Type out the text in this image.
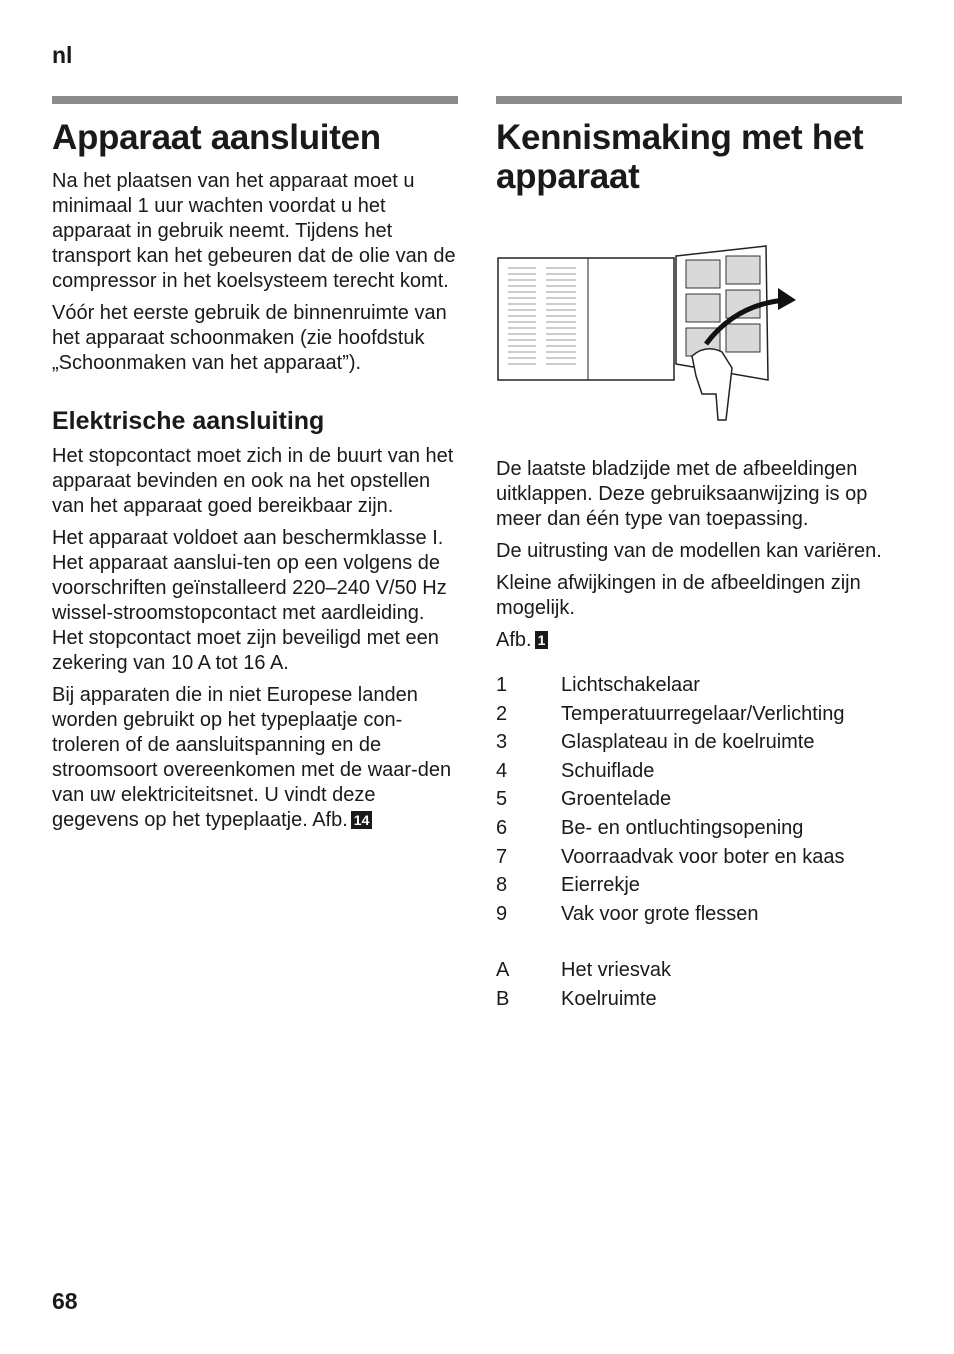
nl
Apparaat aansluiten

Na het plaatsen van het apparaat moet u minimaal 1 uur wachten voordat u het apparaat in gebruik neemt. Tijdens het transport kan het gebeuren dat de olie van de compressor in het koelsysteem terecht komt.

Vóór het eerste gebruik de binnenruimte van het apparaat schoonmaken (zie hoofdstuk „Schoonmaken van het apparaat”).

Elektrische aansluiting

Het stopcontact moet zich in de buurt van het apparaat bevinden en ook na het opstellen van het apparaat goed bereikbaar zijn.

Het apparaat voldoet aan beschermklasse I. Het apparaat aanslui-ten op een volgens de voorschriften geïnstalleerd 220–240 V/50 Hz wissel-stroomstopcontact met aardleiding. Het stopcontact moet zijn beveiligd met een zekering van 10 A tot 16 A.

Bij apparaten die in niet Europese landen worden gebruikt op het typeplaatje con-troleren of de aansluitspanning en de stroomsoort overeenkomen met de waar-den van uw elektriciteitsnet. U vindt deze gegevens op het typeplaatje. Afb. 14

Kennismaking met het apparaat

De laatste bladzijde met de afbeeldingen uitklappen. Deze gebruiksaanwijzing is op meer dan één type van toepassing.

De uitrusting van de modellen kan variëren.

Kleine afwijkingen in de afbeeldingen zijn mogelijk.

Afb. 1

1	Lichtschakelaar
2	Temperatuurregelaar/Verlichting
3	Glasplateau in de koelruimte
4	Schuiflade
5	Groentelade
6	Be- en ontluchtingsopening
7	Voorraadvak voor boter en kaas
8	Eierrekje
9	Vak voor grote flessen
A	Het vriesvak
B	Koelruimte
68
